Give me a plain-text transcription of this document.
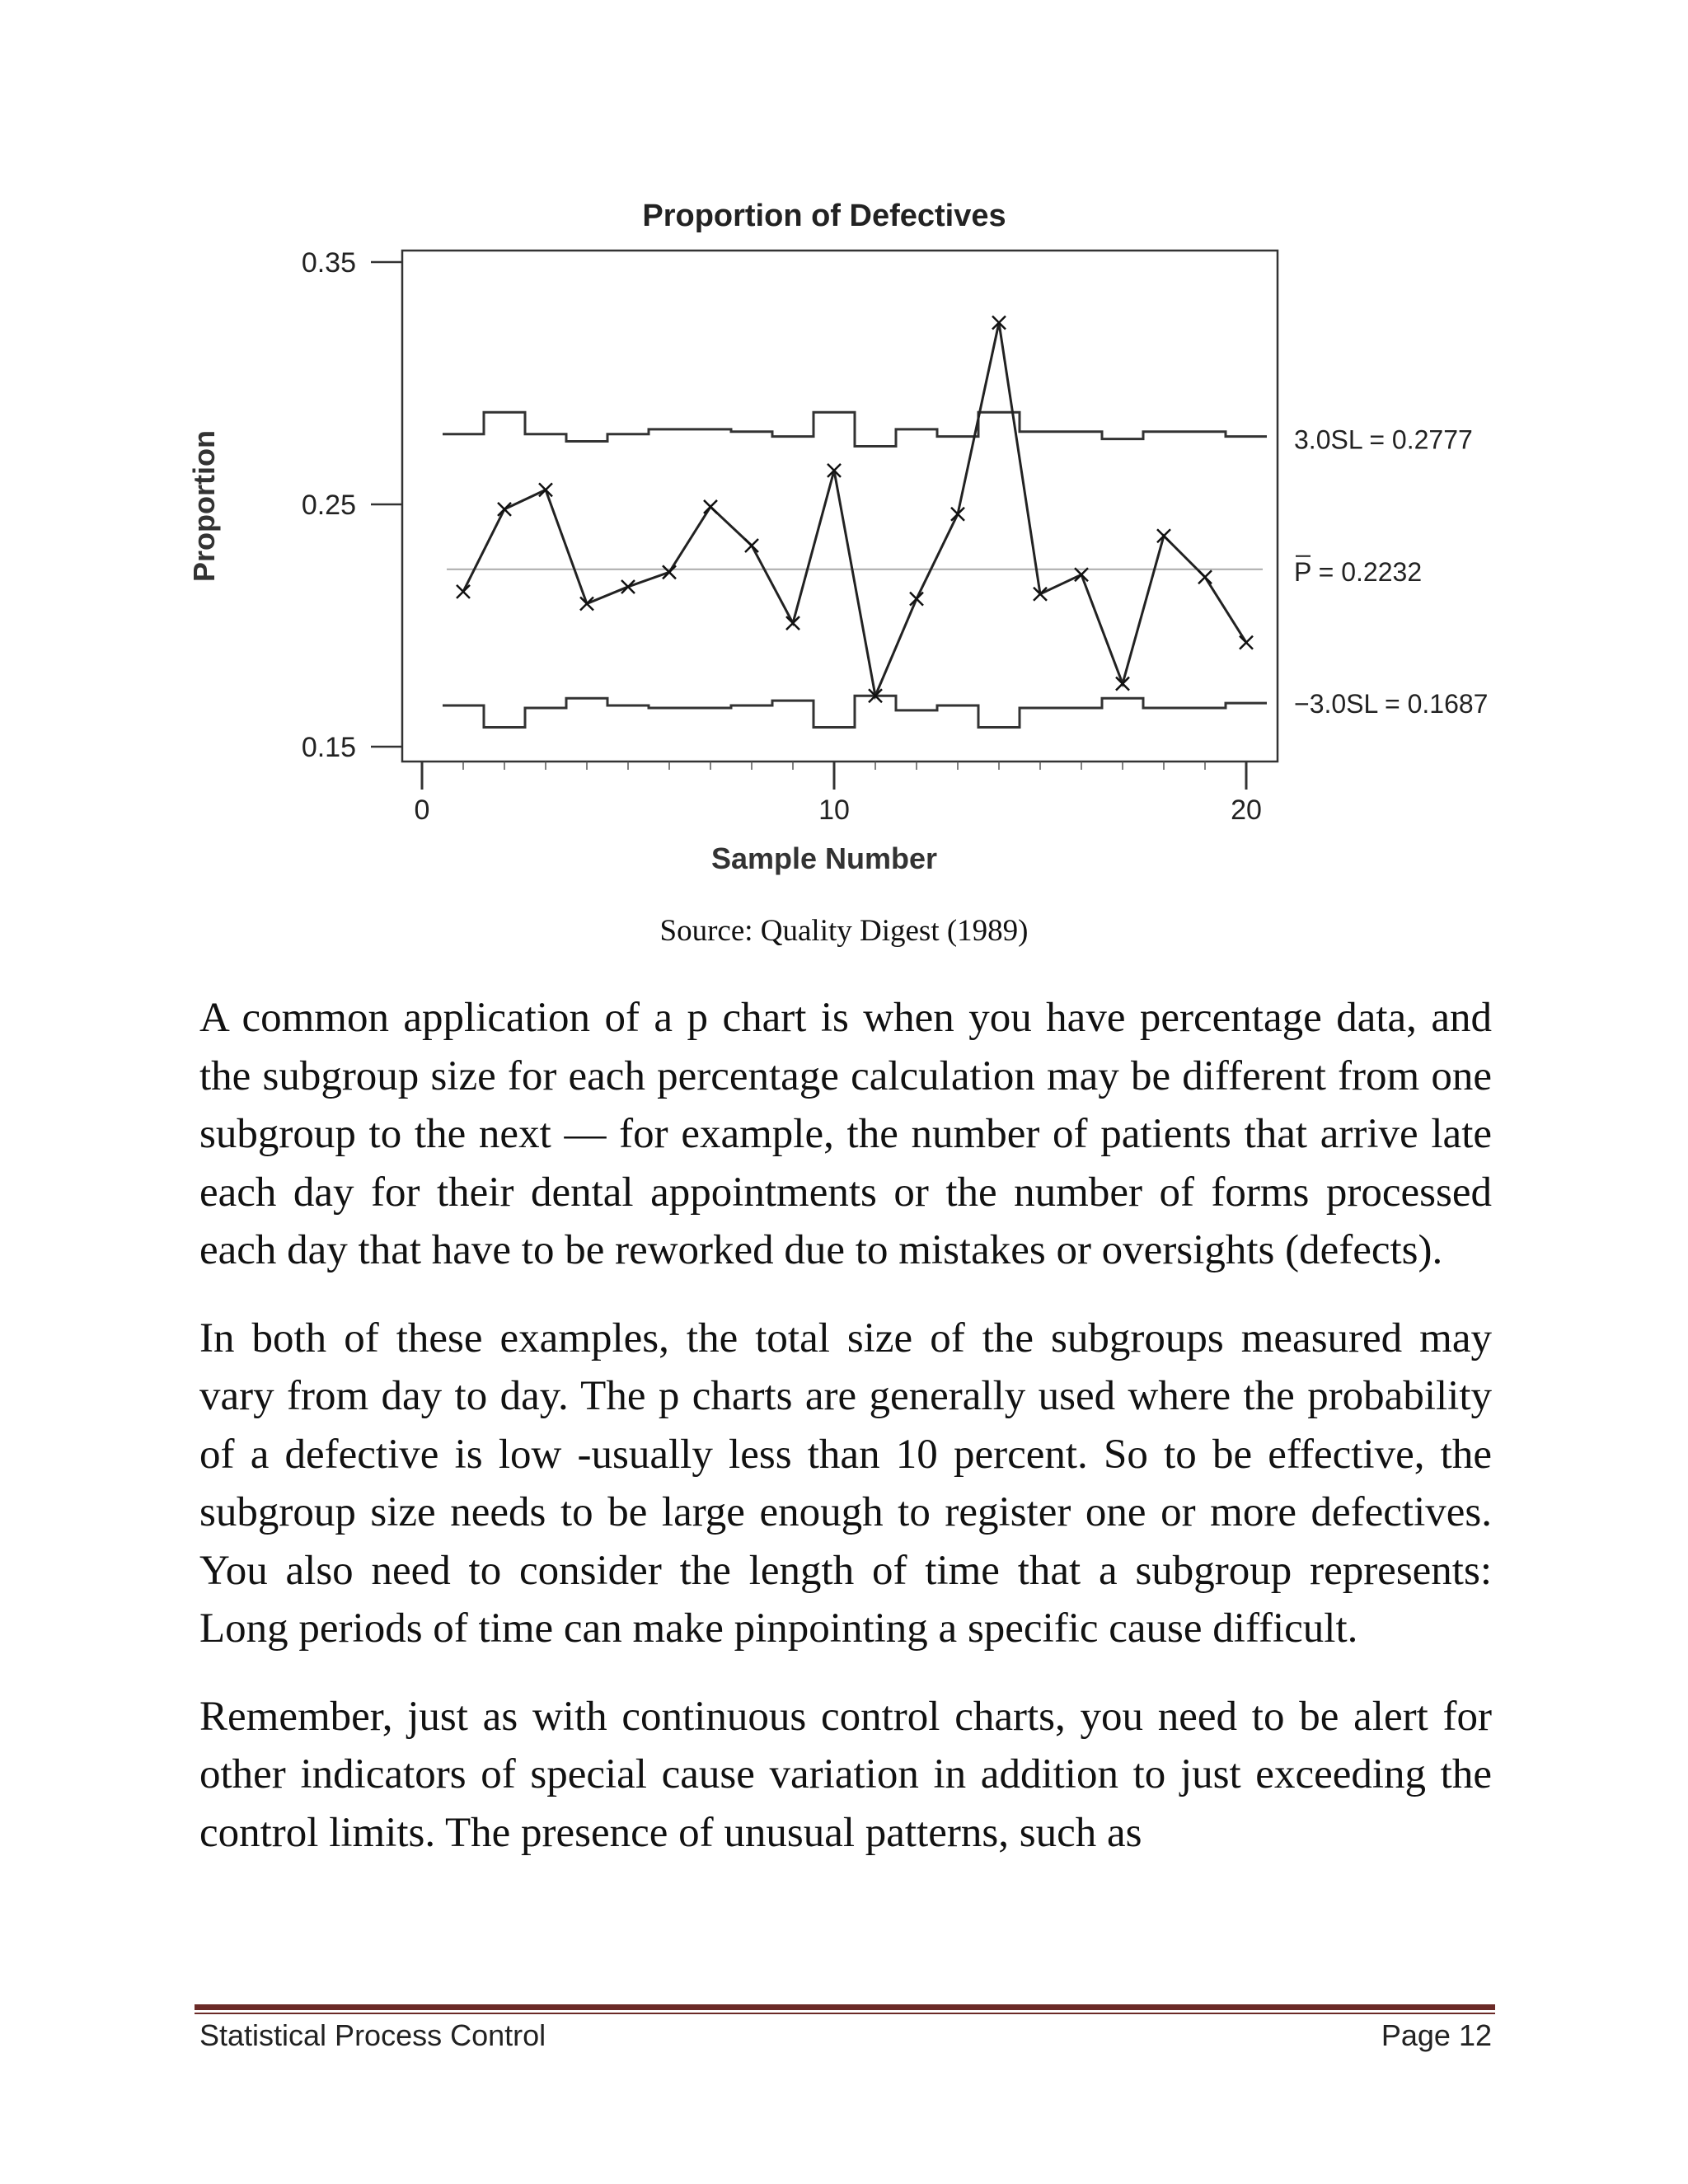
Proportion of Defectives
Proportion
Sample Number
0.35
0.25
0.15
0	10	20
3.0SL = 0.2777
P = 0.2232
−3.0SL = 0.1687
Source: Quality Digest (1989)

A common application of a p chart is when you have percentage data, and the subgroup size for each percentage calculation may be different from one subgroup to the next — for example, the number of patients that arrive late each day for their dental appointments or the number of forms processed each day that have to be reworked due to mistakes or oversights (defects).

In both of these examples, the total size of the subgroups measured may vary from day to day. The p charts are generally used where the probability of a defective is low -usually less than 10 percent. So to be effective, the subgroup size needs to be large enough to register one or more defectives. You also need to consider the length of time that a subgroup represents: Long periods of time can make pinpointing a specific cause difficult.

Remember, just as with continuous control charts, you need to be alert for other indicators of special cause variation in addition to just exceeding the control limits. The presence of unusual patterns, such as

Statistical Process Control	Page 12
